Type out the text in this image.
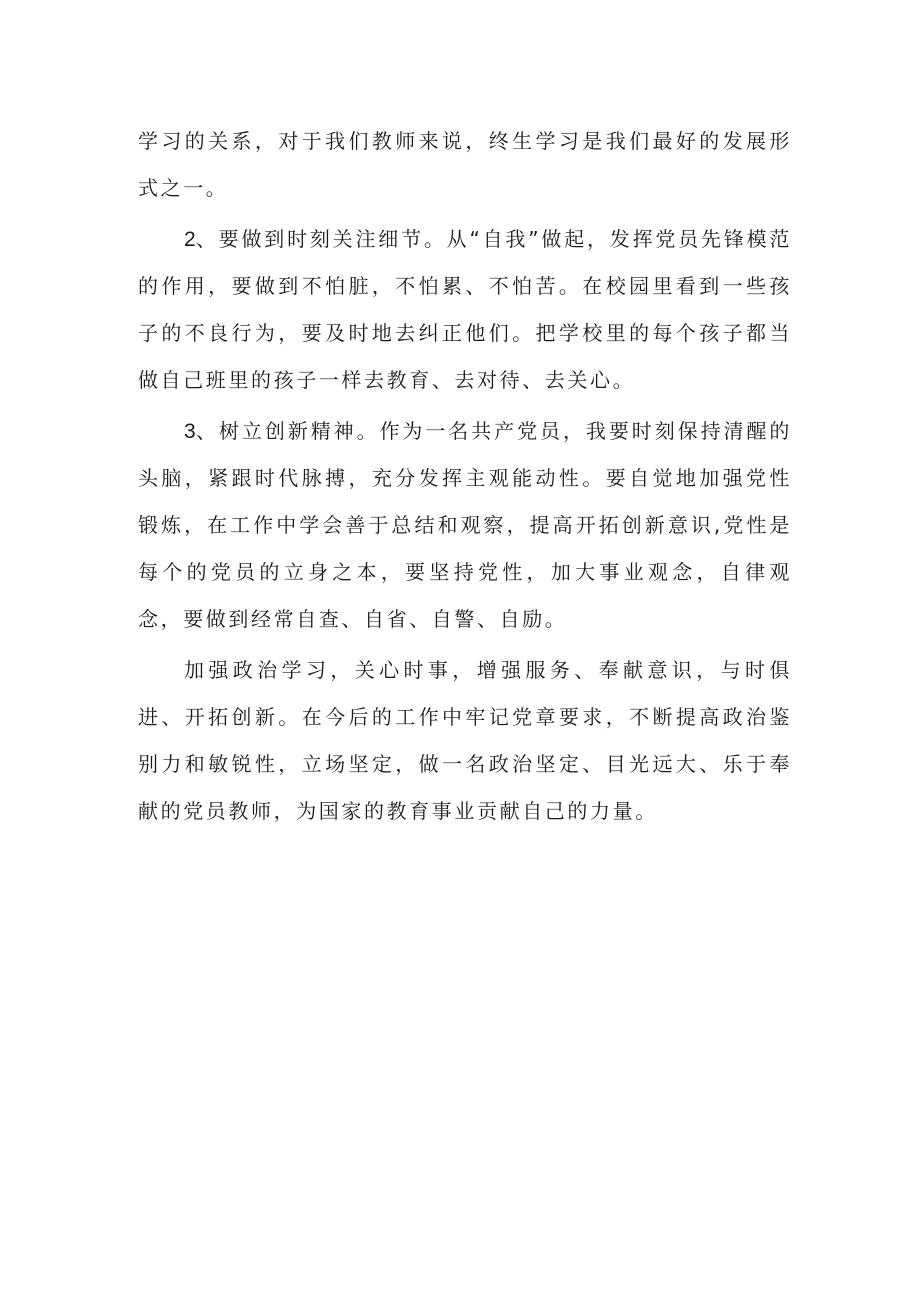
学习的关系，对于我们教师来说，终生学习是我们最好的发展形式之一。

2、要做到时刻关注细节。从“自我”做起，发挥党员先锋模范的作用，要做到不怕脏，不怕累、不怕苦。在校园里看到一些孩子的不良行为，要及时地去纠正他们。把学校里的每个孩子都当做自己班里的孩子一样去教育、去对待、去关心。

3、树立创新精神。作为一名共产党员，我要时刻保持清醒的头脑，紧跟时代脉搏，充分发挥主观能动性。要自觉地加强党性锻炼，在工作中学会善于总结和观察，提高开拓创新意识,党性是每个的党员的立身之本，要坚持党性，加大事业观念，自律观念，要做到经常自查、自省、自警、自励。

加强政治学习，关心时事，增强服务、奉献意识，与时俱进、开拓创新。在今后的工作中牢记党章要求，不断提高政治鉴别力和敏锐性，立场坚定，做一名政治坚定、目光远大、乐于奉献的党员教师，为国家的教育事业贡献自己的力量。
